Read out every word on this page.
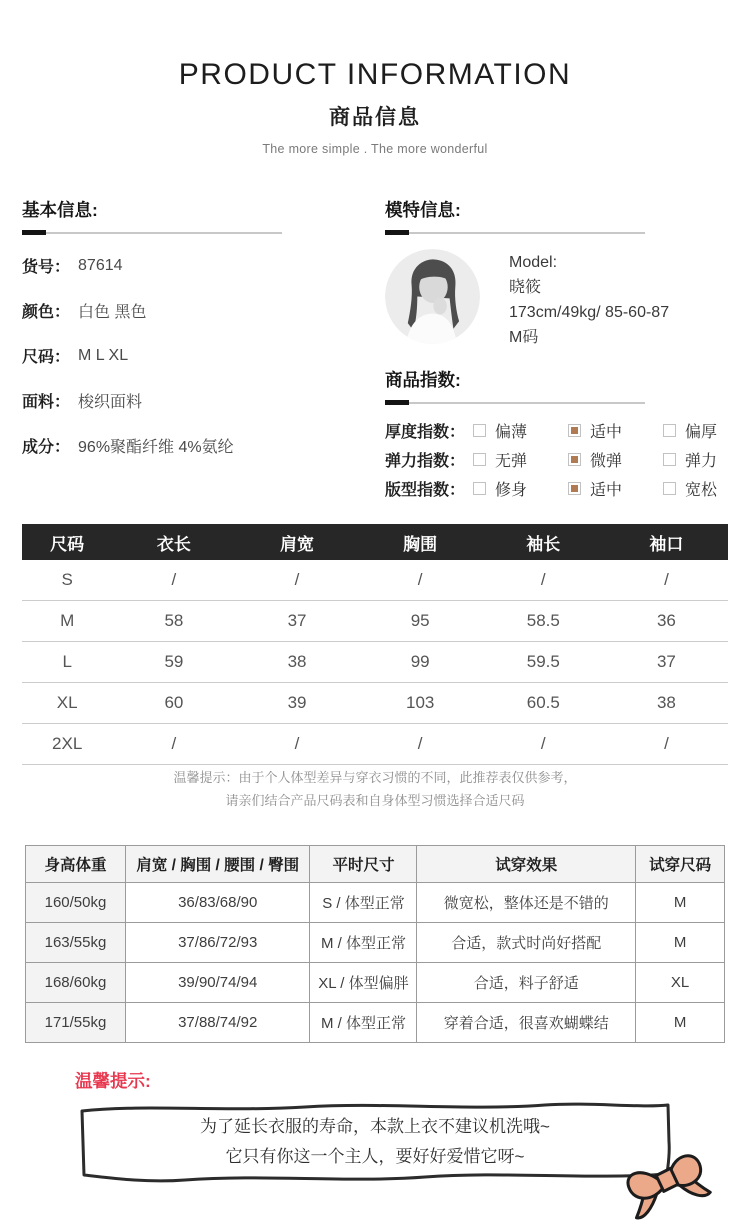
PRODUCT INFORMATION
商品信息
The more simple . The more wonderful
基本信息:
货号： 87614
颜色： 白色 黑色
尺码： M L XL
面料： 梭织面料
成分： 96%聚酯纤维 4%氨纶
模特信息:
Model:
晓筱
173cm/49kg/ 85-60-87
M码
商品指数:
厚度指数：	偏薄	适中	偏厚
弹力指数：	无弹	微弹	弹力
版型指数：	修身	适中	宽松
尺码	衣长	肩宽	胸围	袖长	袖口
S	/	/	/	/	/
M	58	37	95	58.5	36
L	59	38	99	59.5	37
XL	60	39	103	60.5	38
2XL	/	/	/	/	/
温馨提示：由于个人体型差异与穿衣习惯的不同，此推荐表仅供参考，
请亲们结合产品尺码表和自身体型习惯选择合适尺码
身高体重	肩宽 / 胸围 / 腰围 / 臀围	平时尺寸	试穿效果	试穿尺码
160/50kg	36/83/68/90	S / 体型正常	微宽松，整体还是不错的	M
163/55kg	37/86/72/93	M / 体型正常	合适，款式时尚好搭配	M
168/60kg	39/90/74/94	XL / 体型偏胖	合适，料子舒适	XL
171/55kg	37/88/74/92	M / 体型正常	穿着合适，很喜欢蝴蝶结	M
温馨提示:
为了延长衣服的寿命，本款上衣不建议机洗哦~
它只有你这一个主人，要好好爱惜它呀~
